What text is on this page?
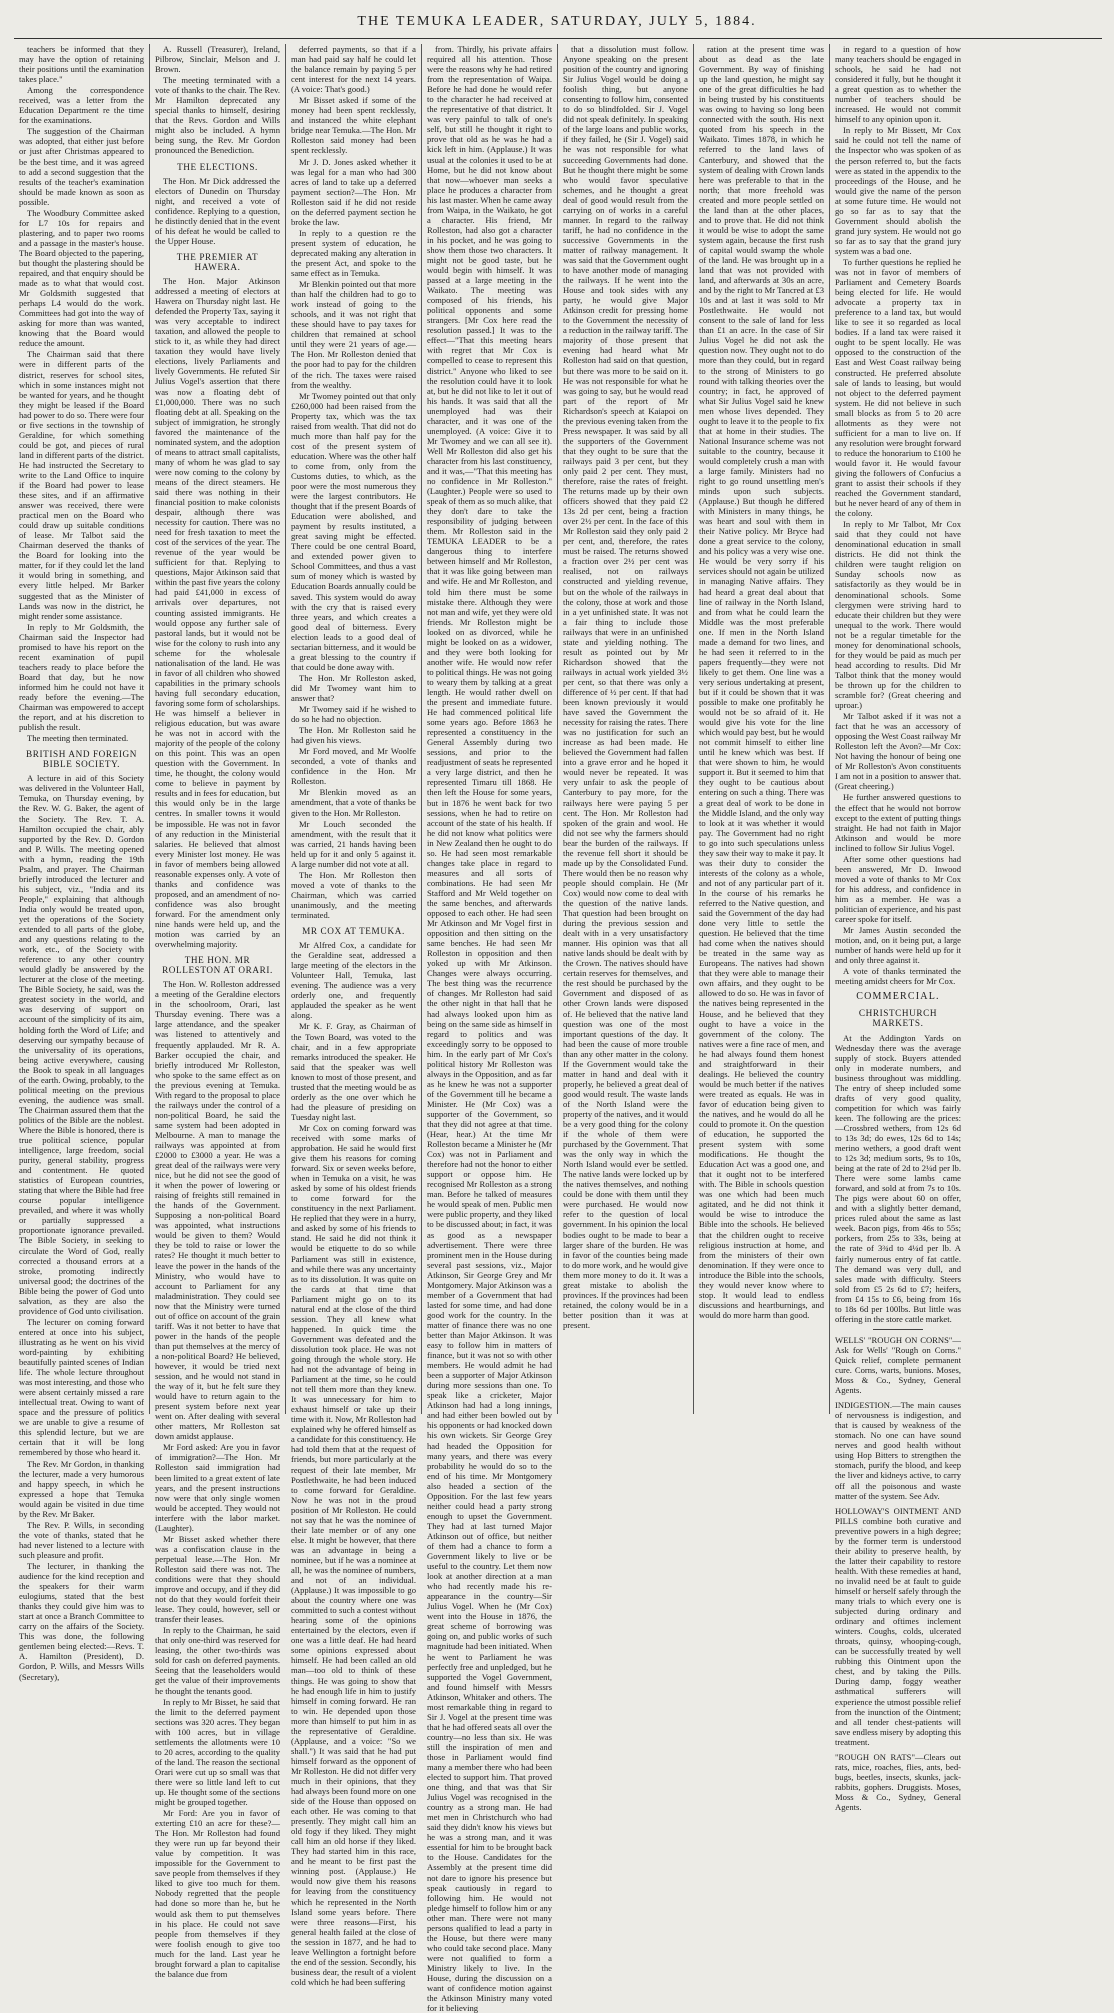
THE TEMUKA LEADER, SATURDAY, JULY 5, 1884.

teachers be informed that they may have the option of retaining their positions until the examination takes place."

Among the correspondence received, was a letter from the Education Department re the time for the examinations.

The suggestion of the Chairman was adopted, that either just before or just after Christmas appeared to be the best time, and it was agreed to add a second suggestion that the results of the teacher's examination should be made known as soon as possible.

The Woodbury Committee asked for L7 10s for repairs and plastering, and to paper two rooms and a passage in the master's house. The Board objected to the papering, but thought the plastering should be repaired, and that enquiry should be made as to what that would cost. Mr Goldsmith suggested that perhaps L4 would do the work. Committees had got into the way of asking for more than was wanted, knowing that the Board would reduce the amount.

The Chairman said that there were in different parts of the district, reserves for school sites, which in some instances might not be wanted for years, and he thought they might be leased if the Board had power to do so. There were four or five sections in the township of Geraldine, for which something could be got, and pieces of rural land in different parts of the district. He had instructed the Secretary to write to the Land Office to inquire if the Board had power to lease these sites, and if an affirmative answer was received, there were practical men on the Board who could draw up suitable conditions of lease. Mr Talbot said the Chairman deserved the thanks of the Board for looking into the matter, for if they could let the land it would bring in something, and every little helped. Mr Barker suggested that as the Minister of Lands was now in the district, he might render some assistance.

In reply to Mr Goldsmith, the Chairman said the Inspector had promised to have his report on the recent examination of pupil teachers ready to place before the Board that day, but he now informed him he could not have it ready before the evening.—The Chairman was empowered to accept the report, and at his discretion to publish the result.

The meeting then terminated.

BRITISH AND FOREIGN BIBLE SOCIETY.

A lecture in aid of this Society was delivered in the Volunteer Hall, Temuka, on Thursday evening, by the Rev. W. G. Baker, the agent of the Society. The Rev. T. A. Hamilton occupied the chair, ably supported by the Rev. D. Gordon and P. Wills. The meeting opened with a hymn, reading the 19th Psalm, and prayer. The Chairman briefly introduced the lecturer and his subject, viz., "India and its People," explaining that although India only would be treated upon, yet the operations of the Society extended to all parts of the globe, and any questions relating to the work, etc., of the Society with reference to any other country would gladly be answered by the lecturer at the close of the meeting. The Bible Society, he said, was the greatest society in the world, and was deserving of support on account of the simplicity of its aim, holding forth the Word of Life; and deserving our sympathy because of the universality of its operations, being active everywhere, causing the Book to speak in all languages of the earth. Owing, probably, to the political meeting on the previous evening, the audience was small. The Chairman assured them that the politics of the Bible are the noblest. Where the Bible is honored, there is true political science, popular intelligence, large freedom, social purity, general stability, progress and contentment. He quoted statistics of European countries, stating that where the Bible had free course popular intelligence prevailed, and where it was wholly or partially suppressed a proportionate ignorance prevailed. The Bible Society, in seeking to circulate the Word of God, really corrected a thousand errors at a stroke, promoting indirectly universal good; the doctrines of the Bible being the power of God unto salvation, as they are also the providence of God unto civilisation.

The lecturer on coming forward entered at once into his subject, illustrating as he went on his vivid word-painting by exhibiting beautifully painted scenes of Indian life. The whole lecture throughout was most interesting, and those who were absent certainly missed a rare intellectual treat. Owing to want of space and the pressure of politics we are unable to give a resume of this splendid lecture, but we are certain that it will be long remembered by those who heard it.

The Rev. Mr Gordon, in thanking the lecturer, made a very humorous and happy speech, in which he expressed a hope that Temuka would again be visited in due time by the Rev. Mr Baker.

The Rev. P. Wills, in seconding the vote of thanks, stated that he had never listened to a lecture with such pleasure and profit.

The lecturer, in thanking the audience for the kind reception and the speakers for their warm eulogiums, stated that the best thanks they could give him was to start at once a Branch Committee to carry on the affairs of the Society. This was done, the following gentlemen being elected:—Revs. T. A. Hamilton (President), D. Gordon, P. Wills, and Messrs Wills (Secretary),

A. Russell (Treasurer), Ireland, Pilbrow, Sinclair, Melson and J. Brown.

The meeting terminated with a vote of thanks to the chair. The Rev. Mr Hamilton deprecated any special thanks to himself, desiring that the Revs. Gordon and Wills might also be included. A hymn being sung, the Rev. Mr Gordon pronounced the Benediction.

THE ELECTIONS.

The Hon. Mr Dick addressed the electors of Dunedin on Thursday night, and received a vote of confidence. Replying to a question, he distinctly denied that in the event of his defeat he would be called to the Upper House.

THE PREMIER AT HAWERA.

The Hon. Major Atkinson addressed a meeting of electors at Hawera on Thursday night last. He defended the Property Tax, saying it was very acceptable to indirect taxation, and allowed the people to stick to it, as while they had direct taxation they would have lively elections, lively Parliaments and lively Governments. He refuted Sir Julius Vogel's assertion that there was now a floating debt of £1,000,000. There was no such floating debt at all. Speaking on the subject of immigration, he strongly favored the maintenance of the nominated system, and the adoption of means to attract small capitalists, many of whom he was glad to say were now coming to the colony by means of the direct steamers. He said there was nothing in their financial position to make colonists despair, although there was necessity for caution. There was no need for fresh taxation to meet the cost of the services of the year. The revenue of the year would be sufficient for that. Replying to questions, Major Atkinson said that within the past five years the colony had paid £41,000 in excess of arrivals over departures, not counting assisted immigrants. He would oppose any further sale of pastoral lands, but it would not be wise for the colony to rush into any scheme for the wholesale nationalisation of the land. He was in favor of all children who showed capabilities in the primary schools having full secondary education, favoring some form of scholarships. He was himself a believer in religious education, but was aware he was not in accord with the majority of the people of the colony on this point. This was an open question with the Government. In time, he thought, the colony would come to believe in payment by results and in fees for education, but this would only be in the large centres. In smaller towns it would be impossible. He was not in favor of any reduction in the Ministerial salaries. He believed that almost every Minister lost money. He was in favor of members being allowed reasonable expenses only. A vote of thanks and confidence was proposed, and an amendment of no-confidence was also brought forward. For the amendment only nine hands were held up, and the motion was carried by an overwhelming majority.

THE HON. MR ROLLESTON AT ORARI.

The Hon. W. Rolleston addressed a meeting of the Geraldine electors in the schoolroom, Orari, last Thursday evening. There was a large attendance, and the speaker was listened to attentively and frequently applauded. Mr R. A. Barker occupied the chair, and briefly introduced Mr Rolleston, who spoke to the same effect as on the previous evening at Temuka. With regard to the proposal to place the railways under the control of a non-political Board, he said the same system had been adopted in Melbourne. A man to manage the railways was appointed at from £2000 to £3000 a year. He was a great deal of the railways were very nice, but he did not see the good of it when the power of lowering or raising of freights still remained in the hands of the Government. Supposing a non-political Board was appointed, what instructions would be given to them? Would they be told to raise or lower the rates? He thought it much better to leave the power in the hands of the Ministry, who would have to account to Parliament for any maladministration. They could see now that the Ministry were turned out of office on account of the grain tariff. Was it not better to have that power in the hands of the people than put themselves at the mercy of a non-political Board? He believed, however, it would be tried next session, and he would not stand in the way of it, but he felt sure they would have to return again to the present system before next year went on. After dealing with several other matters, Mr Rolleston sat down amidst applause.

Mr Ford asked: Are you in favor of immigration?—The Hon. Mr Rolleston said immigration had been limited to a great extent of late years, and the present instructions now were that only single women would be accepted. They would not interfere with the labor market. (Laughter).

Mr Bisset asked whether there was a confiscation clause in the perpetual lease.—The Hon. Mr Rolleston said there was not. The conditions were that they should improve and occupy, and if they did not do that they would forfeit their lease. They could, however, sell or transfer their leases.

In reply to the Chairman, he said that only one-third was reserved for leasing, the other two-thirds was sold for cash on deferred payments. Seeing that the leaseholders would get the value of their improvements he thought the tenants good.

In reply to Mr Bisset, he said that the limit to the deferred payment sections was 320 acres. They began with 100 acres, but in village settlements the allotments were 10 to 20 acres, according to the quality of the land. The reason the sectional Orari were cut up so small was that there were so little land left to cut up. He thought some of the sections might be grouped together.

Mr Ford: Are you in favor of exterting £10 an acre for these?—The Hon. Mr Rolleston had found they were run up far beyond their value by competition. It was impossible for the Government to save people from themselves if they liked to give too much for them. Nobody regretted that the people had done so more than he, but he would ask them to put themselves in his place. He could not save people from themselves if they were foolish enough to give too much for the land. Last year he brought forward a plan to capitalise the balance due from

deferred payments, so that if a man had paid say half he could let the balance remain by paying 5 per cent interest for the next 14 years. (A voice: That's good.)

Mr Bisset asked if some of the money had been spent recklessly, and instanced the white elephant bridge near Temuka.—The Hon. Mr Rolleston said money had been spent recklessly.

Mr J. D. Jones asked whether it was legal for a man who had 300 acres of land to take up a deferred payment section?—The Hon. Mr Rolleston said if he did not reside on the deferred payment section he broke the law.

In reply to a question re the present system of education, he deprecated making any alteration in the present Act, and spoke to the same effect as in Temuka.

Mr Blenkin pointed out that more than half the children had to go to work instead of going to the schools, and it was not right that these should have to pay taxes for children that remained at school until they were 21 years of age.—The Hon. Mr Rolleston denied that the poor had to pay for the children of the rich. The taxes were raised from the wealthy.

Mr Twomey pointed out that only £260,000 had been raised from the Property tax, which was the tax raised from wealth. That did not do much more than half pay for the cost of the present system of education. Where was the other half to come from, only from the Customs duties, to which, as the poor were the most numerous they were the largest contributors. He thought that if the present Boards of Education were abolished, and payment by results instituted, a great saving might be effected. There could be one central Board, and extended power given to School Committees, and thus a vast sum of money which is wasted by Education Boards annually could be saved. This system would do away with the cry that is raised every three years, and which creates a good deal of bitterness. Every election leads to a good deal of sectarian bitterness, and it would be a great blessing to the country if that could be done away with.

The Hon. Mr Rolleston asked, did Mr Twomey want him to answer that?

Mr Twomey said if he wished to do so he had no objection.

The Hon. Mr Rolleston said he had given his views.

Mr Ford moved, and Mr Woolfe seconded, a vote of thanks and confidence in the Hon. Mr Rolleston.

Mr Blenkin moved as an amendment, that a vote of thanks be given to the Hon. Mr Rolleston.

Mr Louch seconded the amendment, with the result that it was carried, 21 hands having been held up for it and only 5 against it. A large number did not vote at all.

The Hon. Mr Rolleston then moved a vote of thanks to the Chairman, which was carried unanimously, and the meeting terminated.

MR COX AT TEMUKA.

Mr Alfred Cox, a candidate for the Geraldine seat, addressed a large meeting of the electors in the Volunteer Hall, Temuka, last evening. The audience was a very orderly one, and frequently applauded the speaker as he went along.

Mr K. F. Gray, as Chairman of the Town Board, was voted to the chair, and in a few appropriate remarks introduced the speaker. He said that the speaker was well known to most of those present, and trusted that the meeting would be as orderly as the one over which he had the pleasure of presiding on Tuesday night last.

Mr Cox on coming forward was received with some marks of approbation. He said he would first give them his reasons for coming forward. Six or seven weeks before, when in Temuka on a visit, he was asked by some of his oldest friends to come forward for the constituency in the next Parliament. He replied that they were in a hurry, and asked by some of his friends to stand. He said he did not think it would be etiquette to do so while Parliament was still in existence, and while there was any uncertainty as to its dissolution. It was quite on the cards at that time that Parliament might go on to its natural end at the close of the third session. They all knew what happened. In quick time the Government was defeated and the dissolution took place. He was not going through the whole story. He had not the advantage of being in Parliament at the time, so he could not tell them more than they knew. It was unnecessary for him to exhaust himself or take up their time with it. Now, Mr Rolleston had explained why he offered himself as a candidate for this constituency. He had told them that at the request of friends, but more particularly at the request of their late member, Mr Postlethwaite, he had been induced to come forward for Geraldine. Now he was not in the proud position of Mr Rolleston. He could not say that he was the nominee of their late member or of any one else. It might be however, that there was an advantage in being a nominee, but if he was a nominee at all, he was the nominee of numbers, and not of an individual. (Applause.) It was impossible to go about the country where one was committed to such a contest without hearing some of the opinions entertained by the electors, even if one was a little deaf. He had heard some opinions expressed about himself. He had been called an old man—too old to think of these things. He was going to show that he had enough life in him to justify himself in coming forward. He ran to win. He depended upon those more than himself to put him in as the representative of Geraldine. (Applause, and a voice: "So we shall.") It was said that he had put himself forward as the opponent of Mr Rolleston. He did not differ very much in their opinions, that they had always been found more on one side of the House than opposed on each other. He was coming to that presently. They might call him an old fogy if they liked. They might call him an old horse if they liked. They had started him in this race, and he meant to be first past the winning post. (Applause.) He would now give them his reasons for leaving from the constituency which he represented in the North Island some years before. There were three reasons—First, his general health failed at the close of the session in 1877, and he had to leave Wellington a fortnight before the end of the session. Secondly, his business dear, the result of a violent cold which he had been suffering

from. Thirdly, his private affairs required all his attention. Those were the reasons why he had retired from the representation of Waipa. Before he had done he would refer to the character he had received at the representative of that district. It was very painful to talk of one's self, but still he thought it right to prove that old as he was he had a kick left in him. (Applause.) It was usual at the colonies it used to be at Home, but he did not know about that now—whoever man seeks a place he produces a character from his last master. When he came away from Waipa, in the Waikato, he got a character. His friend, Mr Rolleston, had also got a character in his pocket, and he was going to show them those two characters. It might not be good taste, but he would begin with himself. It was passed at a large meeting in the Waikato. The meeting was composed of his friends, his political opponents and some strangers. [Mr Cox here read the resolution passed.] It was to the effect—"That this meeting hears with regret that Mr Cox is compelled to cease to represent this district." Anyone who liked to see the resolution could have it to look at, but he did not like to let it out of his hands. It was said that all the unemployed had was their character, and it was one of the unemployed. (A voice: Give it to Mr Twomey and we can all see it). Well Mr Rolleston did also get his character from his last constituency, and it was,—"That this meeting has no confidence in Mr Rolleston." (Laughter.) People were so used to speak of them as so much alike, that they don't dare to take the responsibility of judging between them. Mr Rolleston said in the TEMUKA LEADER to be a dangerous thing to interfere between himself and Mr Rolleston, that it was like going between man and wife. He and Mr Rolleston, and told him there must be some mistake there. Although they were not man and wife, yet they were old friends. Mr Rolleston might be looked on as divorced, while he might be looked on as a widower, and they were both looking for another wife. He would now refer to political things. He was not going to weary them by talking at a great length. He would rather dwell on the present and immediate future. He had commenced political life some years ago. Before 1863 he represented a constituency in the General Assembly during two sessions, and prior to the readjustment of seats he represented a very large district, and then he represented Timaru till 1868. He then left the House for some years, but in 1876 he went back for two sessions, when he had to retire on account of the state of his health. If he did not know what politics were in New Zealand then he ought to do so. He had seen most remarkable changes take place in regard to measures and all sorts of combinations. He had seen Mr Stafford and Mr Weld together on the same benches, and afterwards opposed to each other. He had seen Mr Atkinson and Mr Vogel first in opposition and then sitting on the same benches. He had seen Mr Rolleston in opposition and then yoked up with Mr Atkinson. Changes were always occurring. The best thing was the recurrence of changes. Mr Rolleston had said the other night in that hall that he had always looked upon him as being on the same side as himself in regard to politics and was exceedingly sorry to be opposed to him. In the early part of Mr Cox's political history Mr Rolleston was always in the Opposition, and as far as he knew he was not a supporter of the Government till he became a Minister. He (Mr Cox) was a supporter of the Government, so that they did not agree at that time. (Hear, hear.) At the time Mr Rolleston became a Minister he (Mr Cox) was not in Parliament and therefore had not the honor to either support or oppose him. He recognised Mr Rolleston as a strong man. Before he talked of measures he would speak of men. Public men were public property, and they liked to be discussed about; in fact, it was as good as a newspaper advertisement. There were three prominent men in the House during several past sessions, viz., Major Atkinson, Sir George Grey and Mr Montgomery. Major Atkinson was a member of a Government that had lasted for some time, and had done good work for the country. In the matter of finance there was no one better than Major Atkinson. It was easy to follow him in matters of finance, but it was not so with other members. He would admit he had been a supporter of Major Atkinson during more sessions than one. To speak like a cricketer, Major Atkinson had had a long innings, and had either been bowled out by his opponents or had knocked down his own wickets. Sir George Grey had headed the Opposition for many years, and there was every probability he would do so to the end of his time. Mr Montgomery also headed a section of the Opposition. For the last few years neither could head a party strong enough to upset the Government. They had at last turned Major Atkinson out of office, but neither of them had a chance to form a Government likely to live or be useful to the country. Let them now look at another direction at a man who had recently made his re-appearance in the country—Sir Julius Vogel. When he (Mr Cox) went into the House in 1876, the great scheme of borrowing was going on, and public works of such magnitude had been initiated. When he went to Parliament he was perfectly free and unpledged, but he supported the Vogel Government, and found himself with Messrs Atkinson, Whitaker and others. The most remarkable thing in regard to Sir J. Vogel at the present time was that he had offered seats all over the country—no less than six. He was still the inspiration of men and those in Parliament would find many a member there who had been elected to support him. That proved one thing, and that was that Sir Julius Vogel was recognised in the country as a strong man. He had met men in Christchurch who had said they didn't know his views but he was a strong man, and it was essential for him to be brought back to the House. Candidates for the Assembly at the present time did not dare to ignore his presence but speak cautiously in regard to following him. He would not pledge himself to follow him or any other man. There were not many persons qualified to lead a party in the House, but there were many who could take second place. Many were not qualified to form a Ministry likely to live. In the House, during the discussion on a want of confidence motion against the Atkinson Ministry many voted for it believing

that a dissolution must follow. Anyone speaking on the present position of the country and ignoring Sir Julius Vogel would be doing a foolish thing, but anyone consenting to follow him, consented to do so blindfolded. Sir J. Vogel did not speak definitely. In speaking of the large loans and public works, if they failed, he (Sir J. Vogel) said he was not responsible for what succeeding Governments had done. But he thought there might be some who would favor speculative schemes, and he thought a great deal of good would result from the carrying on of works in a careful manner. In regard to the railway tariff, he had no confidence in the successive Governments in the matter of railway management. It was said that the Government ought to have another mode of managing the railways. If he went into the House and took sides with any party, he would give Major Atkinson credit for pressing home to the Government the necessity of a reduction in the railway tariff. The majority of those present that evening had heard what Mr Rolleston had said on that question, but there was more to be said on it. He was not responsible for what he was going to say, but he would read part of the report of Mr Richardson's speech at Kaiapoi on the previous evening taken from the Press newspaper. It was said by all the supporters of the Government that they ought to be sure that the railways paid 3 per cent, but they only paid 2 per cent. They must, therefore, raise the rates of freight. The returns made up by their own officers showed that they paid £2 13s 2d per cent, being a fraction over 2½ per cent. In the face of this Mr Rolleston said they only paid 2 per cent, and, therefore, the rates must be raised. The returns showed a fraction over 2½ per cent was realised, not on railways constructed and yielding revenue, but on the whole of the railways in the colony, those at work and those in a yet unfinished state. It was not a fair thing to include those railways that were in an unfinished state and yielding nothing. The result as pointed out by Mr Richardson showed that the railways in actual work yielded 3½ per cent, so that there was only a difference of ½ per cent. If that had been known previously it would have saved the Government the necessity for raising the rates. There was no justification for such an increase as had been made. He believed the Government had fallen into a grave error and he hoped it would never be repeated. It was very unfair to ask the people of Canterbury to pay more, for the railways here were paying 5 per cent. The Hon. Mr Rolleston had spoken of the grain and wool. He did not see why the farmers should bear the burden of the railways. If the revenue fell short it should be made up by the Consolidated Fund. There would then be no reason why people should complain. He (Mr Cox) would now come to deal with the question of the native lands. That question had been brought on during the previous session and dealt with in a very unsatisfactory manner. His opinion was that all native lands should be dealt with by the Crown. The natives should have certain reserves for themselves, and the rest should be purchased by the Government and disposed of as other Crown lands were disposed of. He believed that the native land question was one of the most important questions of the day. It had been the cause of more trouble than any other matter in the colony. If the Government would take the matter in hand and deal with it properly, he believed a great deal of good would result. The waste lands of the North Island were the property of the natives, and it would be a very good thing for the colony if the whole of them were purchased by the Government. That was the only way in which the North Island would ever be settled. The native lands were locked up by the natives themselves, and nothing could be done with them until they were purchased. He would now refer to the question of local government. In his opinion the local bodies ought to be made to bear a larger share of the burden. He was in favor of the counties being made to do more work, and he would give them more money to do it. It was a great mistake to abolish the provinces. If the provinces had been retained, the colony would be in a better position than it was at present.

ration at the present time was about as dead as the late Government. By way of finishing up the land question, he might say one of the great difficulties he had in being trusted by his constituents was owing to having so long been connected with the south. His next quoted from his speech in the Waikato. Times 1878, in which he referred to the land laws of Canterbury, and showed that the system of dealing with Crown lands here was preferable to that in the north; that more freehold was created and more people settled on the land than at the other places, and to prove that. He did not think it would be wise to adopt the same system again, because the first rush of capital would swamp the whole of the land. He was brought up in a land that was not provided with land, and afterwards at 30s an acre, and by the right to Mr Tancred at £3 10s and at last it was sold to Mr Postlethwaite. He would not consent to the sale of land for less than £1 an acre. In the case of Sir Julius Vogel he did not ask the question now. They ought not to do more than they could, but in regard to the strong of Ministers to go round with talking theories over the country; in fact, he approved of what Sir Julius Vogel said he knew men whose lives depended. They ought to leave it to the people to fix that at home in their studies. The National Insurance scheme was not suitable to the country, because it would completely crush a man with a large family. Ministers had no right to go round unsettling men's minds upon such subjects. (Applause.) But though he differed with Ministers in many things, he was heart and soul with them in their Native policy. Mr Bryce had done a great service to the colony, and his policy was a very wise one. He would be very sorry if his services should not again be utilized in managing Native affairs. They had heard a great deal about that line of railway in the North Island, and from what he could learn the Middle was the most preferable one. If men in the North Island made a demand for two lines, and he had seen it referred to in the papers frequently—they were not likely to get them. One line was a very serious undertaking at present, but if it could be shown that it was possible to make one profitably he would not be so afraid of it. He would give his vote for the line which would pay best, but he would not commit himself to either line until he knew which was best. If that were shown to him, he would support it. But it seemed to him that they ought to be cautious about entering on such a thing. There was a great deal of work to be done in the Middle Island, and the only way to look at it was whether it would pay. The Government had no right to go into such speculations unless they saw their way to make it pay. It was their duty to consider the interests of the colony as a whole, and not of any particular part of it. In the course of his remarks he referred to the Native question, and said the Government of the day had done very little to settle the question. He believed that the time had come when the natives should be treated in the same way as Europeans. The natives had shown that they were able to manage their own affairs, and they ought to be allowed to do so. He was in favor of the natives being represented in the House, and he believed that they ought to have a voice in the government of the colony. The natives were a fine race of men, and he had always found them honest and straightforward in their dealings. He believed the country would be much better if the natives were treated as equals. He was in favor of education being given to the natives, and he would do all he could to promote it. On the question of education, he supported the present system with some modifications. He thought the Education Act was a good one, and that it ought not to be interfered with. The Bible in schools question was one which had been much agitated, and he did not think it would be wise to introduce the Bible into the schools. He believed that the children ought to receive religious instruction at home, and from the ministers of their own denomination. If they were once to introduce the Bible into the schools, they would never know where to stop. It would lead to endless discussions and heartburnings, and would do more harm than good.

in regard to a question of how many teachers should be engaged in schools, he said he had not considered it fully, but he thought it a great question as to whether the number of teachers should be increased. He would not commit himself to any opinion upon it.

In reply to Mr Bissett, Mr Cox said he could not tell the name of the Inspector who was spoken of as the person referred to, but the facts were as stated in the appendix to the proceedings of the House, and he would give the name of the person at some future time. He would not go so far as to say that the Government should abolish the grand jury system. He would not go so far as to say that the grand jury system was a bad one.

To further questions he replied he was not in favor of members of Parliament and Cemetery Boards being elected for life. He would advocate a property tax in preference to a land tax, but would like to see it so regarded as local bodies. If a land tax were raised it ought to be spent locally. He was opposed to the construction of the East and West Coast railway being constructed. He preferred absolute sale of lands to leasing, but would not object to the deferred payment system. He did not believe in such small blocks as from 5 to 20 acre allotments as they were not sufficient for a man to live on. If any resolution were brought forward to reduce the honorarium to £100 he would favor it. He would favour giving the followers of Confucius a grant to assist their schools if they reached the Government standard, but he never heard of any of them in the colony.

In reply to Mr Talbot, Mr Cox said that they could not have denominational education in small districts. He did not think the children were taught religion on Sunday schools now as satisfactorily as they would be in denominational schools. Some clergymen were striving hard to educate their children but they were unequal to the work. There would not be a regular timetable for the money for denominational schools, for they would be paid as much per head according to results. Did Mr Talbot think that the money would be thrown up for the children to scramble for? (Great cheering and uproar.)

Mr Talbot asked if it was not a fact that he was an accessory of opposing the West Coast railway Mr Rolleston left the Avon?—Mr Cox: Not having the honour of being one of Mr Rolleston's Avon constituents I am not in a position to answer that. (Great cheering.)

He further answered questions to the effect that he would not borrow except to the extent of putting things straight. He had not faith in Major Atkinson and would be more inclined to follow Sir Julius Vogel.

After some other questions had been answered, Mr D. Inwood moved a vote of thanks to Mr Cox for his address, and confidence in him as a member. He was a politician of experience, and his past career spoke for itself.

Mr James Austin seconded the motion, and, on it being put, a large number of hands were held up for it and only three against it.

A vote of thanks terminated the meeting amidst cheers for Mr Cox.

COMMERCIAL.

CHRISTCHURCH MARKETS.

At the Addington Yards on Wednesday there was the average supply of stock. Buyers attended only in moderate numbers, and business throughout was middling. The entry of sheep included some drafts of very good quality, competition for which was fairly keen. The following are the prices:—Crossbred wethers, from 12s 6d to 13s 3d; do ewes, 12s 6d to 14s; merino wethers, a good draft went to 12s 3d; medium sorts, 9s to 10s, being at the rate of 2d to 2¼d per lb. There were some lambs came forward, and sold at from 7s to 10s. The pigs were about 60 on offer, and with a slightly better demand, prices ruled about the same as last week. Bacon pigs, from 46s to 55s; porkers, from 25s to 33s, being at the rate of 3¾d to 4¼d per lb. A fairly numerous entry of fat cattle. The demand was very dull, and sales made with difficulty. Steers sold from £5 2s 6d to £7; heifers, from £4 15s to £6, being from 16s to 18s 6d per 100lbs. But little was offering in the store cattle market.

WELLS' "ROUGH ON CORNS"—Ask for Wells' "Rough on Corns." Quick relief, complete permanent cure. Corns, warts, bunions. Moses, Moss & Co., Sydney, General Agents.

INDIGESTION.—The main causes of nervousness is indigestion, and that is caused by weakness of the stomach. No one can have sound nerves and good health without using Hop Bitters to strengthen the stomach, purify the blood, and keep the liver and kidneys active, to carry off all the poisonous and waste matter of the system. See Adv.

HOLLOWAY'S OINTMENT AND PILLS combine both curative and preventive powers in a high degree; by the former term is understood their ability to preserve health, by the latter their capability to restore health. With these remedies at hand, no invalid need be at fault to guide himself or herself safely through the many trials to which every one is subjected during ordinary and ordinary and oftimes inclement winters. Coughs, colds, ulcerated throats, quinsy, whooping-cough, can be successfully treated by well rubbing this Ointment upon the chest, and by taking the Pills. During damp, foggy weather asthmatical sufferers will experience the utmost possible relief from the inunction of the Ointment; and all tender chest-patients will save endless misery by adopting this treatment.

"ROUGH ON RATS"—Clears out rats, mice, roaches, flies, ants, bed-bugs, beetles, insects, skunks, jack-rabbits, gophers. Druggists. Moses, Moss & Co., Sydney, General Agents.
